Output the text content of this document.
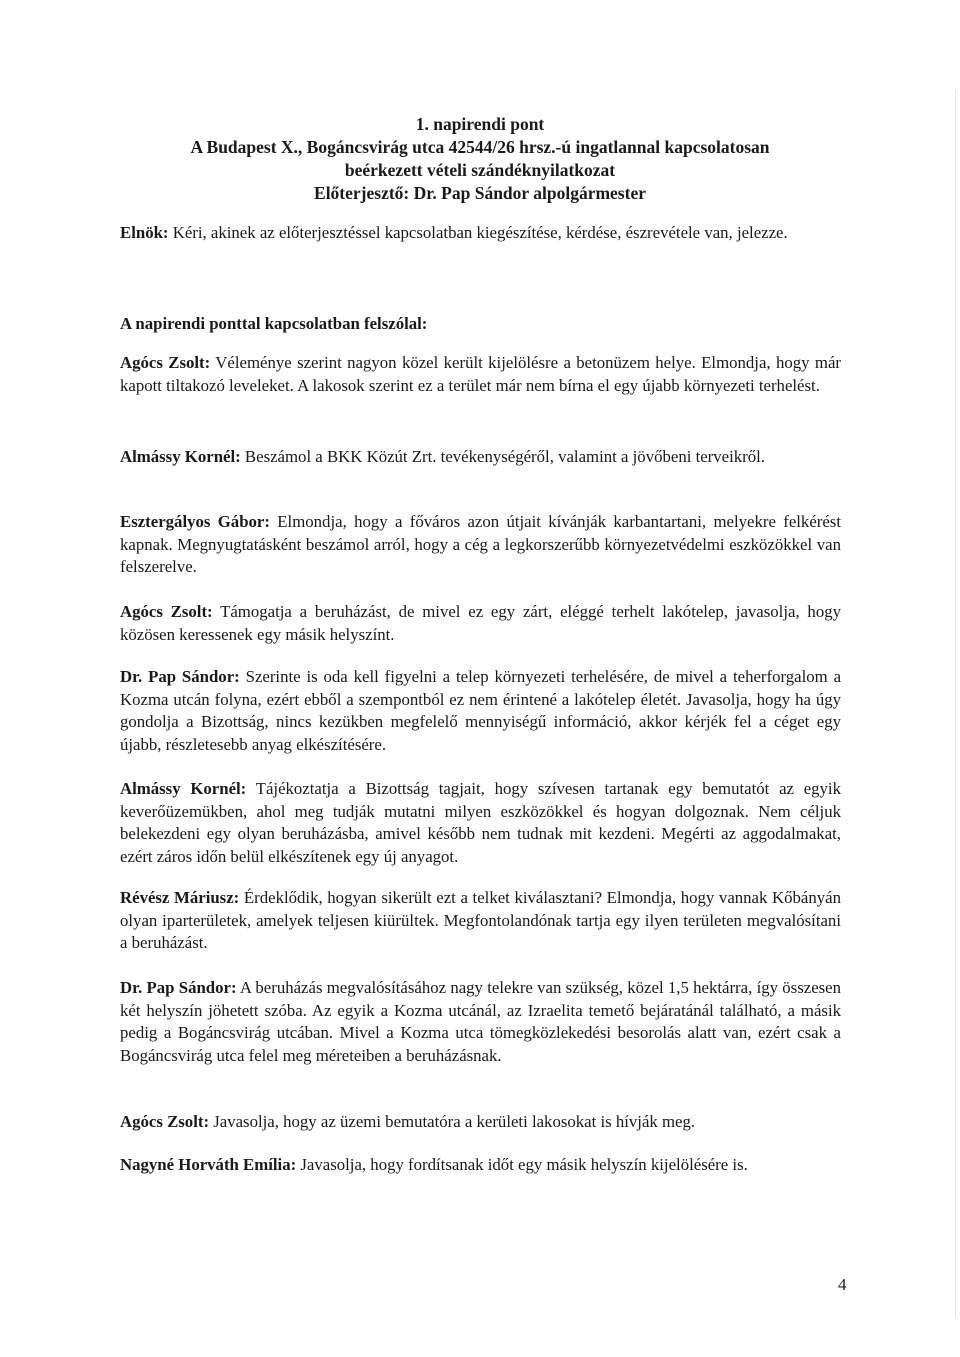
1. napirendi pont
A Budapest X., Bogáncsvirág utca 42544/26 hrsz.-ú ingatlannal kapcsolatosan
beérkezett vételi szándéknyilatkozat
Előterjesztő: Dr. Pap Sándor alpolgármester

Elnök: Kéri, akinek az előterjesztéssel kapcsolatban kiegészítése, kérdése, észrevétele van, jelezze.

A napirendi ponttal kapcsolatban felszólal:

Agócs Zsolt: Véleménye szerint nagyon közel került kijelölésre a betonüzem helye. Elmondja, hogy már kapott tiltakozó leveleket. A lakosok szerint ez a terület már nem bírna el egy újabb környezeti terhelést.

Almássy Kornél: Beszámol a BKK Közút Zrt. tevékenységéről, valamint a jövőbeni terveikről.

Esztergályos Gábor: Elmondja, hogy a főváros azon útjait kívánják karbantartani, melyekre felkérést kapnak. Megnyugtatásként beszámol arról, hogy a cég a legkorszerűbb környezetvédelmi eszközökkel van felszerelve.

Agócs Zsolt: Támogatja a beruházást, de mivel ez egy zárt, eléggé terhelt lakótelep, javasolja, hogy közösen keressenek egy másik helyszínt.

Dr. Pap Sándor: Szerinte is oda kell figyelni a telep környezeti terhelésére, de mivel a teherforgalom a Kozma utcán folyna, ezért ebből a szempontból ez nem érintené a lakótelep életét. Javasolja, hogy ha úgy gondolja a Bizottság, nincs kezükben megfelelő mennyiségű információ, akkor kérjék fel a céget egy újabb, részletesebb anyag elkészítésére.

Almássy Kornél: Tájékoztatja a Bizottság tagjait, hogy szívesen tartanak egy bemutatót az egyik keverőüzemükben, ahol meg tudják mutatni milyen eszközökkel és hogyan dolgoznak. Nem céljuk belekezdeni egy olyan beruházásba, amivel később nem tudnak mit kezdeni. Megérti az aggodalmakat, ezért záros időn belül elkészítenek egy új anyagot.

Révész Máriusz: Érdeklődik, hogyan sikerült ezt a telket kiválasztani? Elmondja, hogy vannak Kőbányán olyan iparterületek, amelyek teljesen kiürültek. Megfontolandónak tartja egy ilyen területen megvalósítani a beruházást.

Dr. Pap Sándor: A beruházás megvalósításához nagy telekre van szükség, közel 1,5 hektárra, így összesen két helyszín jöhetett szóba. Az egyik a Kozma utcánál, az Izraelita temető bejáratánál található, a másik pedig a Bogáncsvirág utcában. Mivel a Kozma utca tömegközlekedési besorolás alatt van, ezért csak a Bogáncsvirág utca felel meg méreteiben a beruházásnak.

Agócs Zsolt: Javasolja, hogy az üzemi bemutatóra a kerületi lakosokat is hívják meg.

Nagyné Horváth Emília: Javasolja, hogy fordítsanak időt egy másik helyszín kijelölésére is.

4
